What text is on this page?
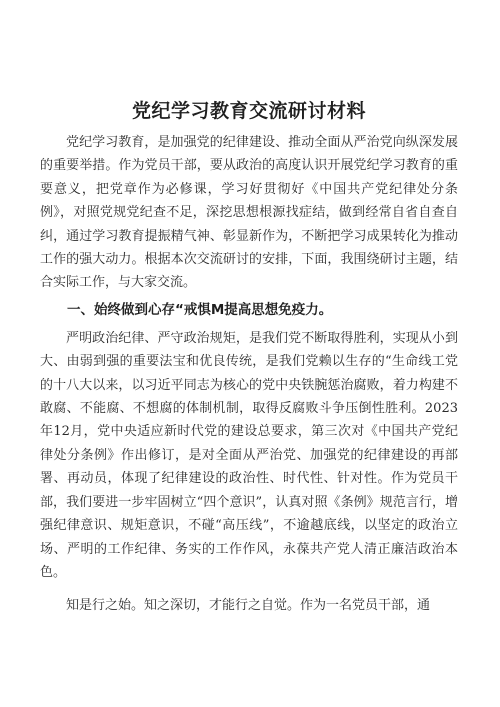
党纪学习教育交流研讨材料

党纪学习教育，是加强党的纪律建设、推动全面从严治党向纵深发展的重要举措。作为党员干部，要从政治的高度认识开展党纪学习教育的重要意义，把党章作为必修课，学习好贯彻好《中国共产党纪律处分条例》，对照党规党纪查不足，深挖思想根源找症结，做到经常自省自查自纠，通过学习教育提振精气神、彰显新作为，不断把学习成果转化为推动工作的强大动力。根据本次交流研讨的安排，下面，我围绕研讨主题，结合实际工作，与大家交流。

一、始终做到心存“戒惧M提高思想免疫力。

严明政治纪律、严守政治规矩，是我们党不断取得胜利，实现从小到大、由弱到强的重要法宝和优良传统，是我们党赖以生存的“生命线工党的十八大以来，以习近平同志为核心的党中央铁腕惩治腐败，着力构建不敢腐、不能腐、不想腐的体制机制，取得反腐败斗争压倒性胜利。2023年12月，党中央适应新时代党的建设总要求，第三次对《中国共产党纪律处分条例》作出修订，是对全面从严治党、加强党的纪律建设的再部署、再动员，体现了纪律建设的政治性、时代性、针对性。作为党员干部，我们要进一步牢固树立“四个意识”，认真对照《条例》规范言行，增强纪律意识、规矩意识，不碰“高压线”，不逾越底线，以坚定的政治立场、严明的工作纪律、务实的工作作风，永葆共产党人清正廉洁政治本色。

知是行之始。知之深切，才能行之自觉。作为一名党员干部，通
